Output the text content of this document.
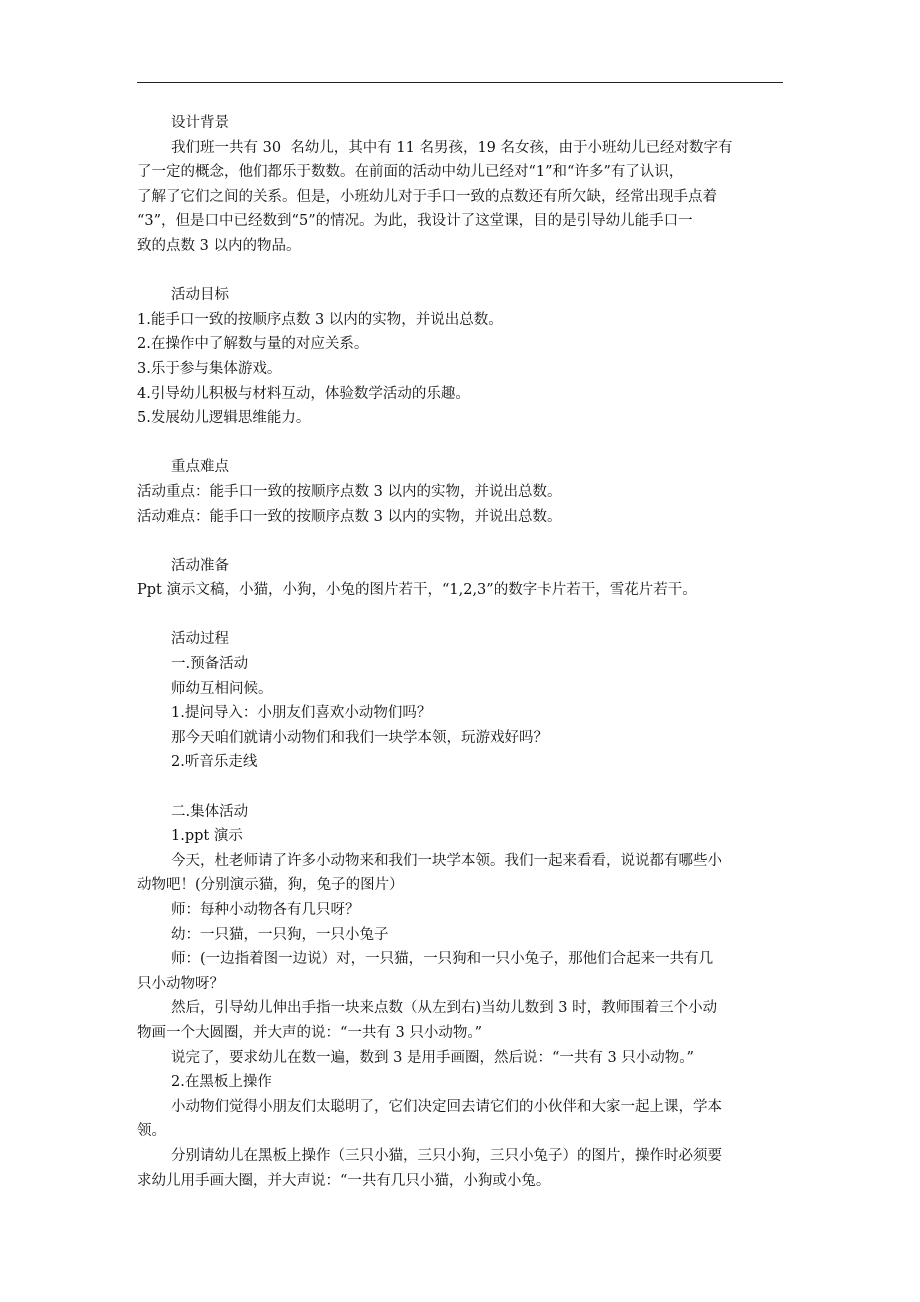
设计背景
我们班一共有 30  名幼儿，其中有 11 名男孩，19 名女孩，由于小班幼儿已经对数字有
了一定的概念，他们都乐于数数。在前面的活动中幼儿已经对“1”和“许多”有了认识，
了解了它们之间的关系。但是，小班幼儿对于手口一致的点数还有所欠缺，经常出现手点着
“3”，但是口中已经数到“5”的情况。为此，我设计了这堂课，目的是引导幼儿能手口一
致的点数 3 以内的物品。
活动目标
1.能手口一致的按顺序点数 3 以内的实物，并说出总数。
2.在操作中了解数与量的对应关系。
3.乐于参与集体游戏。
4.引导幼儿积极与材料互动，体验数学活动的乐趣。
5.发展幼儿逻辑思维能力。
重点难点
活动重点：能手口一致的按顺序点数 3 以内的实物，并说出总数。
活动难点：能手口一致的按顺序点数 3 以内的实物，并说出总数。
活动准备
Ppt 演示文稿，小猫，小狗，小兔的图片若干，“1,2,3”的数字卡片若干，雪花片若干。
活动过程
一.预备活动
师幼互相问候。
1.提问导入：小朋友们喜欢小动物们吗？
那今天咱们就请小动物们和我们一块学本领，玩游戏好吗？
2.听音乐走线
二.集体活动
1.ppt 演示
今天，杜老师请了许多小动物来和我们一块学本领。我们一起来看看，说说都有哪些小
动物吧！(分别演示猫，狗，兔子的图片）
师：每种小动物各有几只呀？
幼：一只猫，一只狗，一只小兔子
师：(一边指着图一边说）对，一只猫，一只狗和一只小兔子，那他们合起来一共有几
只小动物呀？
然后，引导幼儿伸出手指一块来点数（从左到右)当幼儿数到 3 时，教师围着三个小动
物画一个大圆圈，并大声的说：“一共有 3 只小动物。”
说完了，要求幼儿在数一遍，数到 3 是用手画圈，然后说：“一共有 3 只小动物。”
2.在黑板上操作
小动物们觉得小朋友们太聪明了，它们决定回去请它们的小伙伴和大家一起上课，学本
领。
分别请幼儿在黑板上操作（三只小猫，三只小狗，三只小兔子）的图片，操作时必须要
求幼儿用手画大圈，并大声说：“一共有几只小猫，小狗或小兔。
